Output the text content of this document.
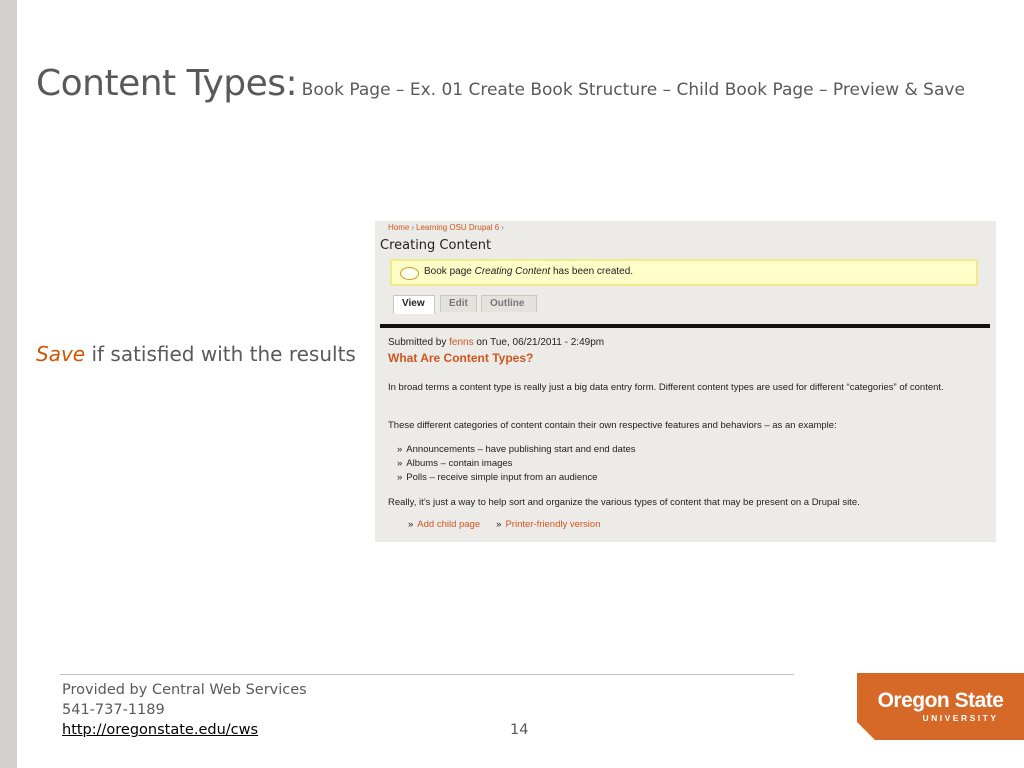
Content Types: Book Page – Ex. 01 Create Book Structure – Child Book Page – Preview & Save
Save if satisfied with the results
Home › Learning OSU Drupal 6 ›
Creating Content
Book page Creating Content has been created.
View	Edit	Outline
Submitted by fenns on Tue, 06/21/2011 - 2:49pm
What Are Content Types?
In broad terms a content type is really just a big data entry form. Different content types are used for different “categories” of content.
These different categories of content contain their own respective features and behaviors – as an example:
» Announcements – have publishing start and end dates
» Albums – contain images
» Polls – receive simple input from an audience
Really, it’s just a way to help sort and organize the various types of content that may be present on a Drupal site.
» Add child page » Printer-friendly version
Provided by Central Web Services
541-737-1189
http://oregonstate.edu/cws	14
Oregon State
UNIVERSITY
